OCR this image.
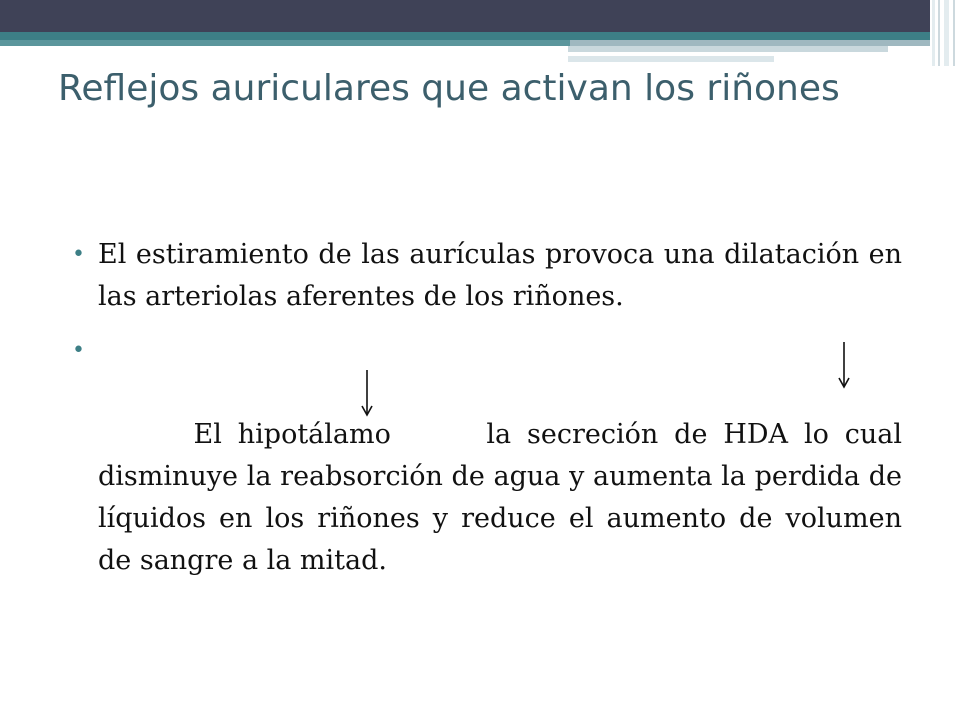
Reflejos auriculares que activan los riñones
• El estiramiento de las aurículas provoca una dilatación en las arteriolas aferentes de los riñones.

•

El hipotálamo      la secreción de HDA lo cual disminuye la reabsorción de agua y aumenta la perdida de líquidos en los riñones y reduce el aumento de volumen de sangre a la mitad.
